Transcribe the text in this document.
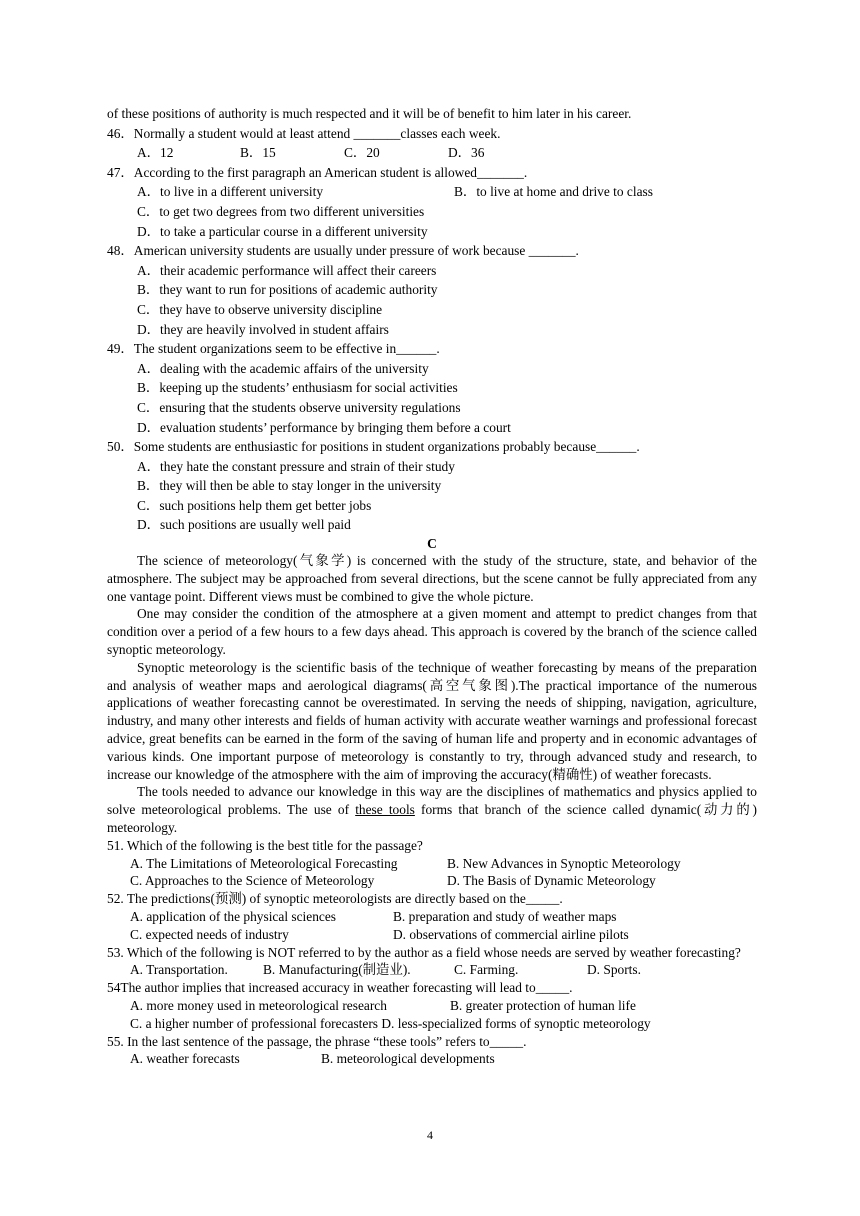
of these positions of authority is much respected and it will be of benefit to him later in his career.
46．Normally a student would at least attend _______classes each week.
A．12	B．15	C．20	D．36
47．According to the first paragraph an American student is allowed_______.
A．to live in a different university	B．to live at home and drive to class
C．to get two degrees from two different universities
D．to take a particular course in a different university
48．American university students are usually under pressure of work because _______.
A．their academic performance will affect their careers
B．they want to run for positions of academic authority
C．they have to observe university discipline
D．they are heavily involved in student affairs
49．The student organizations seem to be effective in______.
A．dealing with the academic affairs of the university
B．keeping up the students’ enthusiasm for social activities
C．ensuring that the students observe university regulations
D．evaluation students’ performance by bringing them before a court
50．Some students are enthusiastic for positions in student organizations probably because______.
A．they hate the constant pressure and strain of their study
B．they will then be able to stay longer in the university
C．such positions help them get better jobs
D．such positions are usually well paid
C

The science of meteorology(气象学) is concerned with the study of the structure, state, and behavior of the atmosphere. The subject may be approached from several directions, but the scene cannot be fully appreciated from any one vantage point. Different views must be combined to give the whole picture.

One may consider the condition of the atmosphere at a given moment and attempt to predict changes from that condition over a period of a few hours to a few days ahead. This approach is covered by the branch of the science called synoptic meteorology.

Synoptic meteorology is the scientific basis of the technique of weather forecasting by means of the preparation and analysis of weather maps and aerological diagrams(高空气象图).The practical importance of the numerous applications of weather forecasting cannot be overestimated. In serving the needs of shipping, navigation, agriculture, industry, and many other interests and fields of human activity with accurate weather warnings and professional forecast advice, great benefits can be earned in the form of the saving of human life and property and in economic advantages of various kinds. One important purpose of meteorology is constantly to try, through advanced study and research, to increase our knowledge of the atmosphere with the aim of improving the accuracy(精确性) of weather forecasts.

The tools needed to advance our knowledge in this way are the disciplines of mathematics and physics applied to solve meteorological problems. The use of these tools forms that branch of the science called dynamic(动力的) meteorology.

51. Which of the following is the best title for the passage?
A. The Limitations of Meteorological Forecasting	B. New Advances in Synoptic Meteorology
C. Approaches to the Science of Meteorology	D. The Basis of Dynamic Meteorology
52. The predictions(预测) of synoptic meteorologists are directly based on the_____.
A. application of the physical sciences	B. preparation and study of weather maps
C. expected needs of industry	D. observations of commercial airline pilots
53. Which of the following is NOT referred to by the author as a field whose needs are served by weather forecasting?
A. Transportation.	B. Manufacturing(制造业).	C. Farming.	D. Sports.
54The author implies that increased accuracy in weather forecasting will lead to_____.
A. more money used in meteorological research	B. greater protection of human life
C. a higher number of professional forecasters D. less-specialized forms of synoptic meteorology
55. In the last sentence of the passage, the phrase “these tools” refers to_____.
A. weather forecasts	B. meteorological developments
4
